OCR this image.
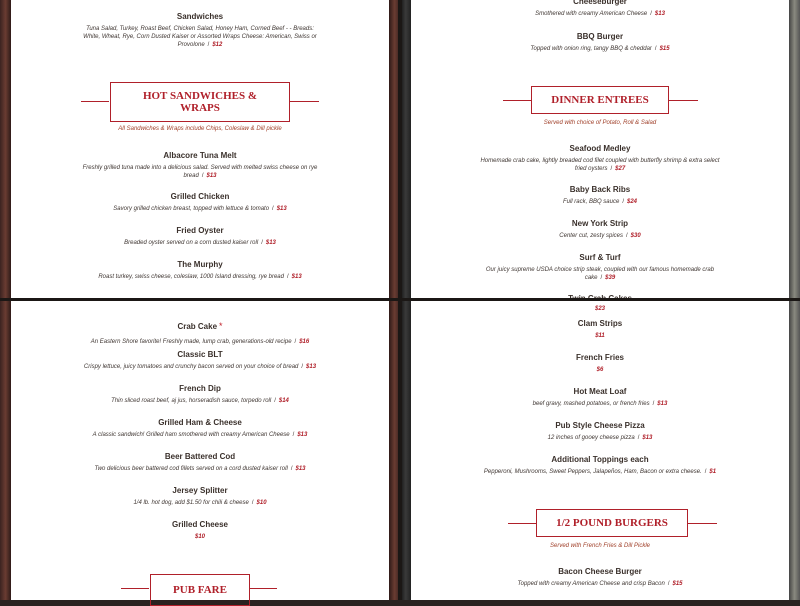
Sandwiches
Tuna Salad, Turkey, Roast Beef, Chicken Salad, Honey Ham, Corned Beef - - Breads: White, Wheat, Rye, Corn Dusted Kaiser or Assorted Wraps Cheese: American, Swiss or Provolone / $12
HOT SANDWICHES & WRAPS
All Sandwiches & Wraps include Chips, Coleslaw & Dill pickle
Albacore Tuna Melt
Freshly grilled tuna made into a delicious salad. Served with melted swiss cheese on rye bread / $13
Grilled Chicken
Savory grilled chicken breast, topped with lettuce & tomato / $13
Fried Oyster
Breaded oyster served on a corn dusted kaiser roll / $13
The Murphy
Roast turkey, swiss cheese, coleslaw, 1000 Island dressing, rye bread / $13
Cheeseburger
Smothered with creamy American Cheese / $13
BBQ Burger
Topped with onion ring, tangy BBQ & cheddar / $15
DINNER ENTREES
Served with choice of Potato, Roll & Salad
Seafood Medley
Homemade crab cake, lightly breaded cod filet coupled with butterfly shrimp & extra select fried oysters / $27
Baby Back Ribs
Full rack, BBQ sauce / $24
New York Strip
Center cut, zesty spices / $30
Surf & Turf
Our juicy supreme USDA choice strip steak, coupled with our famous homemade crab cake / $39
Crab Cake *
An Eastern Shore favorite! Freshly made, lump crab, generations-old recipe / $16
Classic BLT
Crispy lettuce, juicy tomatoes and crunchy bacon served on your choice of bread / $13
French Dip
Thin sliced roast beef, aj jus, horseradish sauce, torpedo roll / $14
Grilled Ham & Cheese
A classic sandwich! Grilled ham smothered with creamy American Cheese / $13
Beer Battered Cod
Two delicious beer battered cod fillets served on a cord dusted kaiser roll / $13
Jersey Splitter
1/4 lb. hot dog, add $1.50 for chili & cheese / $10
Grilled Cheese
$10
PUB FARE
$23
Clam Strips
$11
French Fries
$6
Hot Meat Loaf
beef gravy, mashed potatoes, or french fries / $13
Pub Style Cheese Pizza
12 inches of gooey cheese pizza / $13
Additional Toppings each
Pepperoni, Mushrooms, Sweet Peppers, Jalapeños, Ham, Bacon or extra cheese. / $1
1/2 POUND BURGERS
Served with French Fries & Dill Pickle
Bacon Cheese Burger
Topped with creamy American Cheese and crisp Bacon / $15
